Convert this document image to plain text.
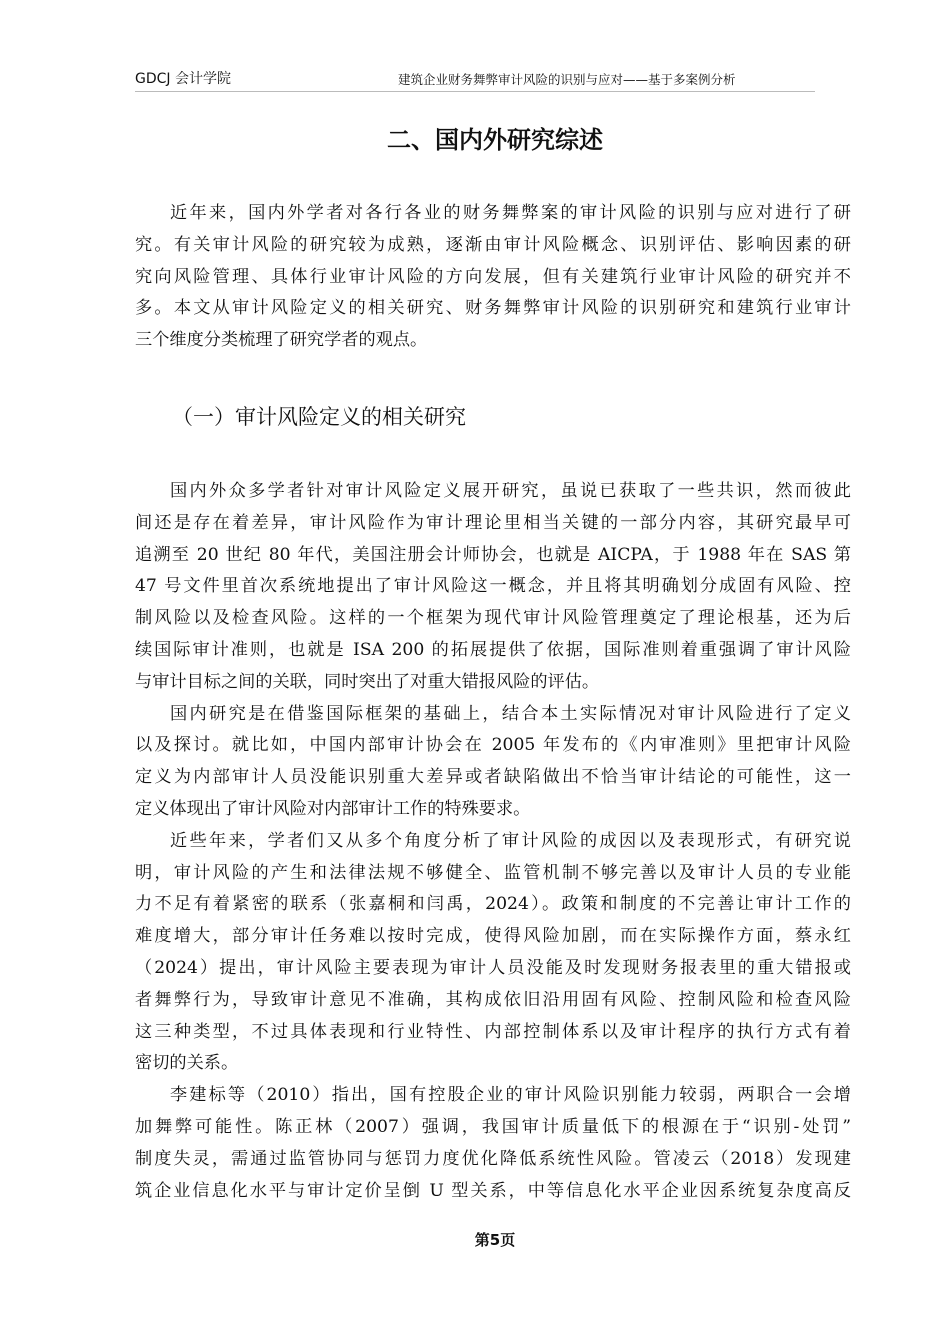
GDCJ 会计学院	建筑企业财务舞弊审计风险的识别与应对——基于多案例分析
二、国内外研究综述
近年来，国内外学者对各行各业的财务舞弊案的审计风险的识别与应对进行了研
究。有关审计风险的研究较为成熟，逐渐由审计风险概念、识别评估、影响因素的研
究向风险管理、具体行业审计风险的方向发展，但有关建筑行业审计风险的研究并不
多。本文从审计风险定义的相关研究、财务舞弊审计风险的识别研究和建筑行业审计
三个维度分类梳理了研究学者的观点。
（一）审计风险定义的相关研究
国内外众多学者针对审计风险定义展开研究，虽说已获取了一些共识，然而彼此
间还是存在着差异，审计风险作为审计理论里相当关键的一部分内容，其研究最早可
追溯至 20 世纪 80 年代，美国注册会计师协会，也就是 AICPA，于 1988 年在 SAS 第
47 号文件里首次系统地提出了审计风险这一概念，并且将其明确划分成固有风险、控
制风险以及检查风险。这样的一个框架为现代审计风险管理奠定了理论根基，还为后
续国际审计准则，也就是 ISA 200 的拓展提供了依据，国际准则着重强调了审计风险
与审计目标之间的关联，同时突出了对重大错报风险的评估。
国内研究是在借鉴国际框架的基础上，结合本土实际情况对审计风险进行了定义
以及探讨。就比如，中国内部审计协会在 2005 年发布的《内审准则》里把审计风险
定义为内部审计人员没能识别重大差异或者缺陷做出不恰当审计结论的可能性，这一
定义体现出了审计风险对内部审计工作的特殊要求。
近些年来，学者们又从多个角度分析了审计风险的成因以及表现形式，有研究说
明，审计风险的产生和法律法规不够健全、监管机制不够完善以及审计人员的专业能
力不足有着紧密的联系（张嘉桐和闫禹，2024）。政策和制度的不完善让审计工作的
难度增大，部分审计任务难以按时完成，使得风险加剧，而在实际操作方面，蔡永红
（2024）提出，审计风险主要表现为审计人员没能及时发现财务报表里的重大错报或
者舞弊行为，导致审计意见不准确，其构成依旧沿用固有风险、控制风险和检查风险
这三种类型，不过具体表现和行业特性、内部控制体系以及审计程序的执行方式有着
密切的关系。
李建标等（2010）指出，国有控股企业的审计风险识别能力较弱，两职合一会增
加舞弊可能性。陈正林（2007）强调，我国审计质量低下的根源在于“识别-处罚”
制度失灵，需通过监管协同与惩罚力度优化降低系统性风险。管凌云（2018）发现建
筑企业信息化水平与审计定价呈倒 U 型关系，中等信息化水平企业因系统复杂度高反
第5页
